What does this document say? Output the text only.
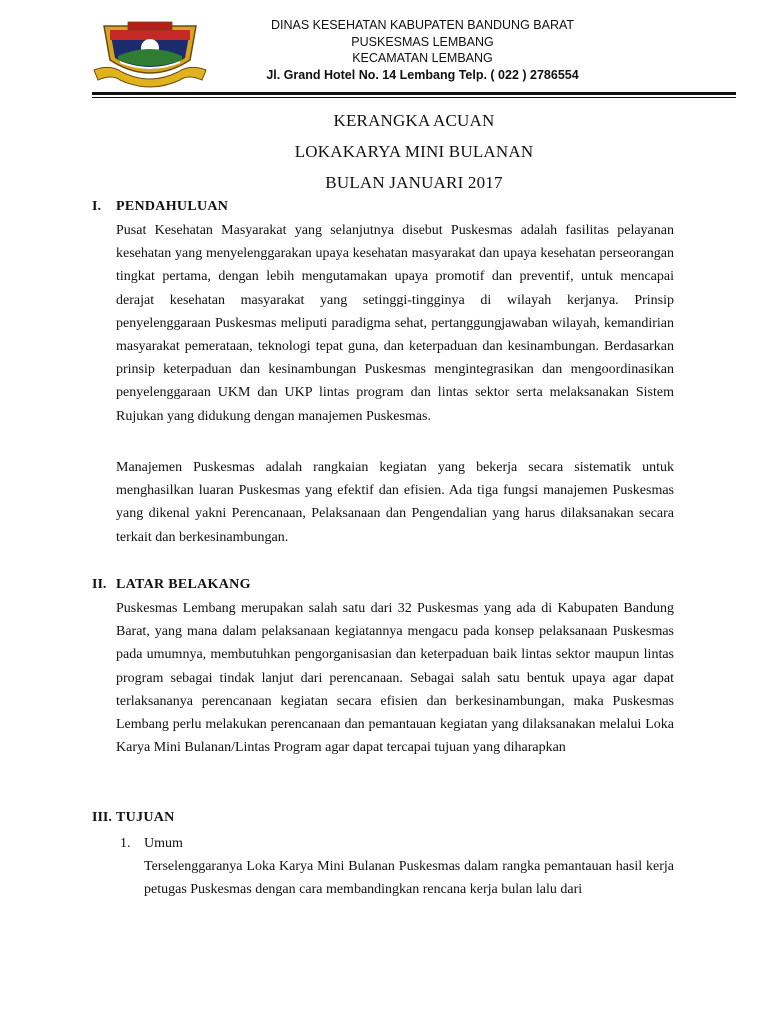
DINAS KESEHATAN KABUPATEN BANDUNG BARAT
PUSKESMAS LEMBANG
KECAMATAN LEMBANG
Jl. Grand Hotel No. 14 Lembang Telp. ( 022 ) 2786554
KERANGKA ACUAN
LOKAKARYA MINI BULANAN
BULAN JANUARI 2017
I. PENDAHULUAN

Pusat Kesehatan Masyarakat yang selanjutnya disebut Puskesmas adalah fasilitas pelayanan kesehatan yang menyelenggarakan upaya kesehatan masyarakat dan upaya kesehatan perseorangan tingkat pertama, dengan lebih mengutamakan upaya promotif dan preventif, untuk mencapai derajat kesehatan masyarakat yang setinggi-tingginya di wilayah kerjanya. Prinsip penyelenggaraan Puskesmas meliputi paradigma sehat, pertanggungjawaban wilayah, kemandirian masyarakat pemerataan, teknologi tepat guna, dan keterpaduan dan kesinambungan. Berdasarkan prinsip keterpaduan dan kesinambungan Puskesmas mengintegrasikan dan mengoordinasikan penyelenggaraan UKM dan UKP lintas program dan lintas sektor serta melaksanakan Sistem Rujukan yang didukung dengan manajemen Puskesmas.

Manajemen Puskesmas adalah rangkaian kegiatan yang bekerja secara sistematik untuk menghasilkan luaran Puskesmas yang efektif dan efisien. Ada tiga fungsi manajemen Puskesmas yang dikenal yakni Perencanaan, Pelaksanaan dan Pengendalian yang harus dilaksanakan secara terkait dan berkesinambungan.

II. LATAR BELAKANG

Puskesmas Lembang merupakan salah satu dari 32 Puskesmas yang ada di Kabupaten Bandung Barat, yang mana dalam pelaksanaan kegiatannya mengacu pada konsep pelaksanaan Puskesmas pada umumnya, membutuhkan pengorganisasian dan keterpaduan baik lintas sektor maupun lintas program sebagai tindak lanjut dari perencanaan. Sebagai salah satu bentuk upaya agar dapat terlaksananya perencanaan kegiatan secara efisien dan berkesinambungan, maka Puskesmas Lembang perlu melakukan perencanaan dan pemantauan kegiatan yang dilaksanakan melalui Loka Karya Mini Bulanan/Lintas Program agar dapat tercapai tujuan yang diharapkan

III. TUJUAN
1. Umum

Terselenggaranya Loka Karya Mini Bulanan Puskesmas dalam rangka pemantauan hasil kerja petugas Puskesmas dengan cara membandingkan rencana kerja bulan lalu dari
